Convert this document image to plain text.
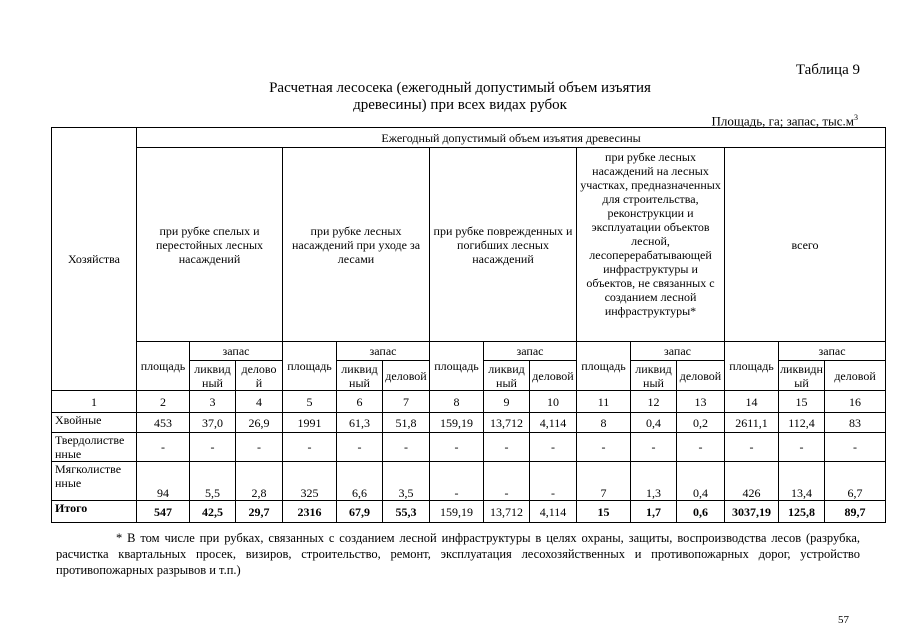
Таблица 9
Расчетная лесосека (ежегодный допустимый объем изъятия
древесины) при всех видах рубок
Площадь, га; запас, $тыс.м^3$
Хозяйства	Ежегодный допустимый объем изъятия древесины														
	при рубке спелых и перестойных лесных насаждений			при рубке лесных насаждений при уходе за лесами			при рубке поврежденных и погибших лесных насаждений			при рубке лесных насаждений на лесных участках, предназначенных для строительства, реконструкции и эксплуатации объектов лесной, лесоперерабатывающей инфраструктуры и объектов, не связанных с созданием лесной инфраструктуры*			всего		
	площадь	запас		площадь	запас		площадь	запас		площадь	запас		площадь	запас	
		ликвид ный	делово й		ликвид ный	деловой		ликвид ный	деловой		ликвид ный	деловой		ликвидн ый	деловой
1	2	3	4	5	6	7	8	9	10	11	12	13	14	15	16
Хвойные	453	37,0	26,9	1991	61,3	51,8	159,19	13,712	4,114	8	0,4	0,2	2611,1	112,4	83

Твердолистве
нные	-	-	-	-	-	-	-	-	-	-	-	-	-	-	-

Мягколистве
нные	94	5,5	2,8	325	6,6	3,5	-	-	-	7	1,3	0,4	426	13,4	6,7
Итого	547	42,5	29,7	2316	67,9	55,3	159,19	13,712	4,114	15	1,7	0,6	3037,19	125,8	89,7
* В том числе при рубках, связанных с созданием лесной инфраструктуры в целях охраны, защиты, воспроизводства лесов (разрубка, расчистка квартальных просек, визиров, строительство, ремонт, эксплуатация лесохозяйственных и противопожарных дорог, устройство противопожарных разрывов и т.п.)
57
